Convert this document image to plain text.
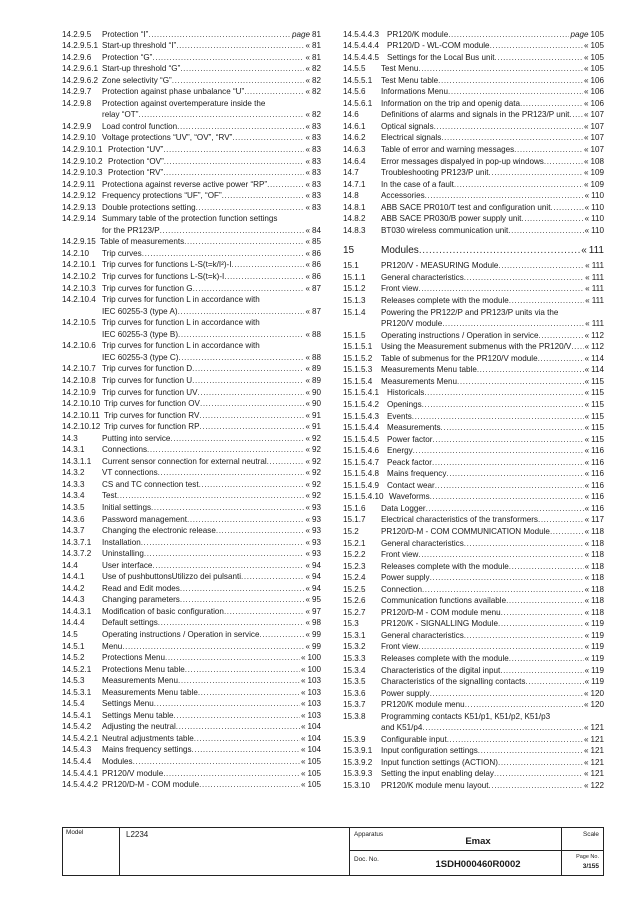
14.2.9.5	Protection “I” .....	page 81
14.2.9.5.1 Start-up threshold “I” .....	« 81
14.2.9.6	Protection “G” .....	« 81
14.2.9.6.1 Start-up threshold “G” .....	« 82
14.2.9.6.2 Zone selectivity “G” .....	« 82
14.2.9.7	Protection against phase unbalance “U” .....	« 82
14.2.9.8	Protection against overtemperature inside the
relay “OT” .....	« 82
14.2.9.9	Load control function .....	« 83
14.2.9.10 Voltage protections “UV”, “OV”, “RV” .....	« 83
14.2.9.10.1 Protection “UV” .....	« 83
14.2.9.10.2 Protection “OV” .....	« 83
14.2.9.10.3 Protection “RV” .....	« 83
14.2.9.11 Protectiona against reverse active power “RP” .....	« 83
14.2.9.12 Frequency protections “UF”, “OF” .....	« 83
14.2.9.13 Double protections setting .....	« 83
14.2.9.14 Summary table of the protection function settings
for the PR123/P .....	« 84
14.2.9.15 Table of measurements .....	« 85
14.2.10	Trip curves .....	« 86
14.2.10.1 Trip curves for functions L-S(t=k/I²)-I .....	« 86
14.2.10.2 Trip curves for functions L-S(t=k)-I .....	« 86
14.2.10.3 Trip curves for function G .....	« 87
14.2.10.4 Trip curves for function L in accordance with
IEC 60255-3 (type A) .....	« 87
14.2.10.5 Trip curves for function L in accordance with
IEC 60255-3 (type B) .....	« 88
14.2.10.6 Trip curves for function L in accordance with
IEC 60255-3 (type C) .....	« 88
14.2.10.7 Trip curves for function D .....	« 89
14.2.10.8 Trip curves for function U .....	« 89
14.2.10.9 Trip curves for function UV .....	« 90
14.2.10.10 Trip curves for function OV .....	« 90
14.2.10.11 Trip curves for function RV .....	« 91
14.2.10.12 Trip curves for function RP .....	« 91
14.3	Putting into service .....	« 92
14.3.1	Connections .....	« 92
14.3.1.1	Current sensor connection for external neutral .....	« 92
14.3.2	VT connections .....	« 92
14.3.3	CS and TC connection test .....	« 92
14.3.4	Test .....	« 92
14.3.5	Initial settings .....	« 93
14.3.6	Password management .....	« 93
14.3.7	Changing the electronic release .....	« 93
14.3.7.1	Installation .....	« 93
14.3.7.2	Uninstalling .....	« 93
14.4	User interface .....	« 94
14.4.1	Use of pushbuttonsUtilizzo dei pulsanti .....	« 94
14.4.2	Read and Edit modes .....	« 94
14.4.3	Changing parameters .....	« 95
14.4.3.1	Modification of basic configuration .....	« 97
14.4.4	Default settings .....	« 98
14.5	Operating instructions / Operation in service .....	« 99
14.5.1	Menu .....	« 99
14.5.2	Protections Menu .....	« 100
14.5.2.1	Protections Menu table .....	« 100
14.5.3	Measurements Menu .....	« 103
14.5.3.1	Measurements Menu table .....	« 103
14.5.4	Settings Menu .....	« 103
14.5.4.1	Settings Menu table .....	« 103
14.5.4.2	Adjusting the neutral .....	« 104
14.5.4.2.1 Neutral adjustments table .....	« 104
14.5.4.3	Mains frequency settings .....	« 104
14.5.4.4	Modules .....	« 105
14.5.4.4.1 PR120/V module .....	« 105
14.5.4.4.2 PR120/D-M - COM module .....	« 105
14.5.4.4.3 PR120/K module .....	page 105
14.5.4.4.4 PR120/D - WL-COM module .....	« 105
14.5.4.4.5 Settings for the Local Bus unit .....	« 105
14.5.5	Test Menu .....	« 105
14.5.5.1	Test Menu table .....	« 106
14.5.6	Informations Menu .....	« 106
14.5.6.1	Information on the trip and openig data .....	« 106
14.6	Definitions of alarms and signals in the PR123/P unit ..... « 107
14.6.1	Optical signals .....	« 107
14.6.2	Electrical signals .....	« 107
14.6.3	Table of error and warning messages .....	« 107
14.6.4	Error messages dispalyed in pop-up windows .....	« 108
14.7	Troubleshooting PR123/P unit .....	« 109
14.7.1	In the case of a fault .....	« 109
14.8	Accessories .....	« 110
14.8.1	ABB SACE PR010/T test and configuration unit .....	« 110
14.8.2	ABB SACE PR030/B power supply unit .....	« 110
14.8.3	BT030 wireless communication unit .....	« 110
15	Modules .....	« 111
15.1	PR120/V - MEASURING Module .....	« 111
15.1.1	General characteristics .....	« 111
15.1.2	Front view .....	« 111
15.1.3	Releases complete with the module .....	« 111
15.1.4	Powering the PR122/P and PR123/P units via the
PR120/V module .....	« 111
15.1.5	Operating instructions / Operation in service .....	« 112
15.1.5.1	Using the Measurement submenus with the PR120/V ..... « 112
15.1.5.2	Table of submenus for the PR120/V module .....	« 114
15.1.5.3	Measurements Menu table .....	« 114
15.1.5.4	Measurements Menu .....	« 115
15.1.5.4.1 Historicals .....	« 115
15.1.5.4.2 Openings .....	« 115
15.1.5.4.3 Events .....	« 115
15.1.5.4.4 Measurements .....	« 115
15.1.5.4.5 Power factor .....	« 115
15.1.5.4.6 Energy .....	« 116
15.1.5.4.7 Peack factor .....	« 116
15.1.5.4.8 Mains frequency .....	« 116
15.1.5.4.9 Contact wear .....	« 116
15.1.5.4.10 Waveforms .....	« 116
15.1.6	Data Logger .....	« 116
15.1.7	Electrical characteristics of the transformers .....	« 117
15.2	PR120/D-M - COM COMMUNICATION Module .....	« 118
15.2.1	General characteristics .....	« 118
15.2.2	Front view .....	« 118
15.2.3	Releases complete with the module .....	« 118
15.2.4	Power supply .....	« 118
15.2.5	Connection .....	« 118
15.2.6	Communication functions available .....	« 118
15.2.7	PR120/D-M - COM module menu .....	« 118
15.3	PR120/K - SIGNALLING Module .....	« 119
15.3.1	General characteristics .....	« 119
15.3.2	Front view .....	« 119
15.3.3	Releases complete with the module .....	« 119
15.3.4	Characteristics of the digital input .....	« 119
15.3.5	Characteristics of the signalling contacts .....	« 119
15.3.6	Power supply .....	« 120
15.3.7	PR120/K module menu .....	« 120
15.3.8	Programming contacts K51/p1, K51/p2, K51/p3
and K51/p4 .....	« 121
15.3.9	Configurable input .....	« 121
15.3.9.1	Input configuration settings .....	« 121
15.3.9.2	Input function settings (ACTION) .....	« 121
15.3.9.3	Setting the input enabling delay .....	« 121
15.3.10	PR120/K module menu layout .....	« 122
Model	L2234	Apparatus
Emax
Scale
Doc. No.	1SDH000460R0002
Page No.
3/155
